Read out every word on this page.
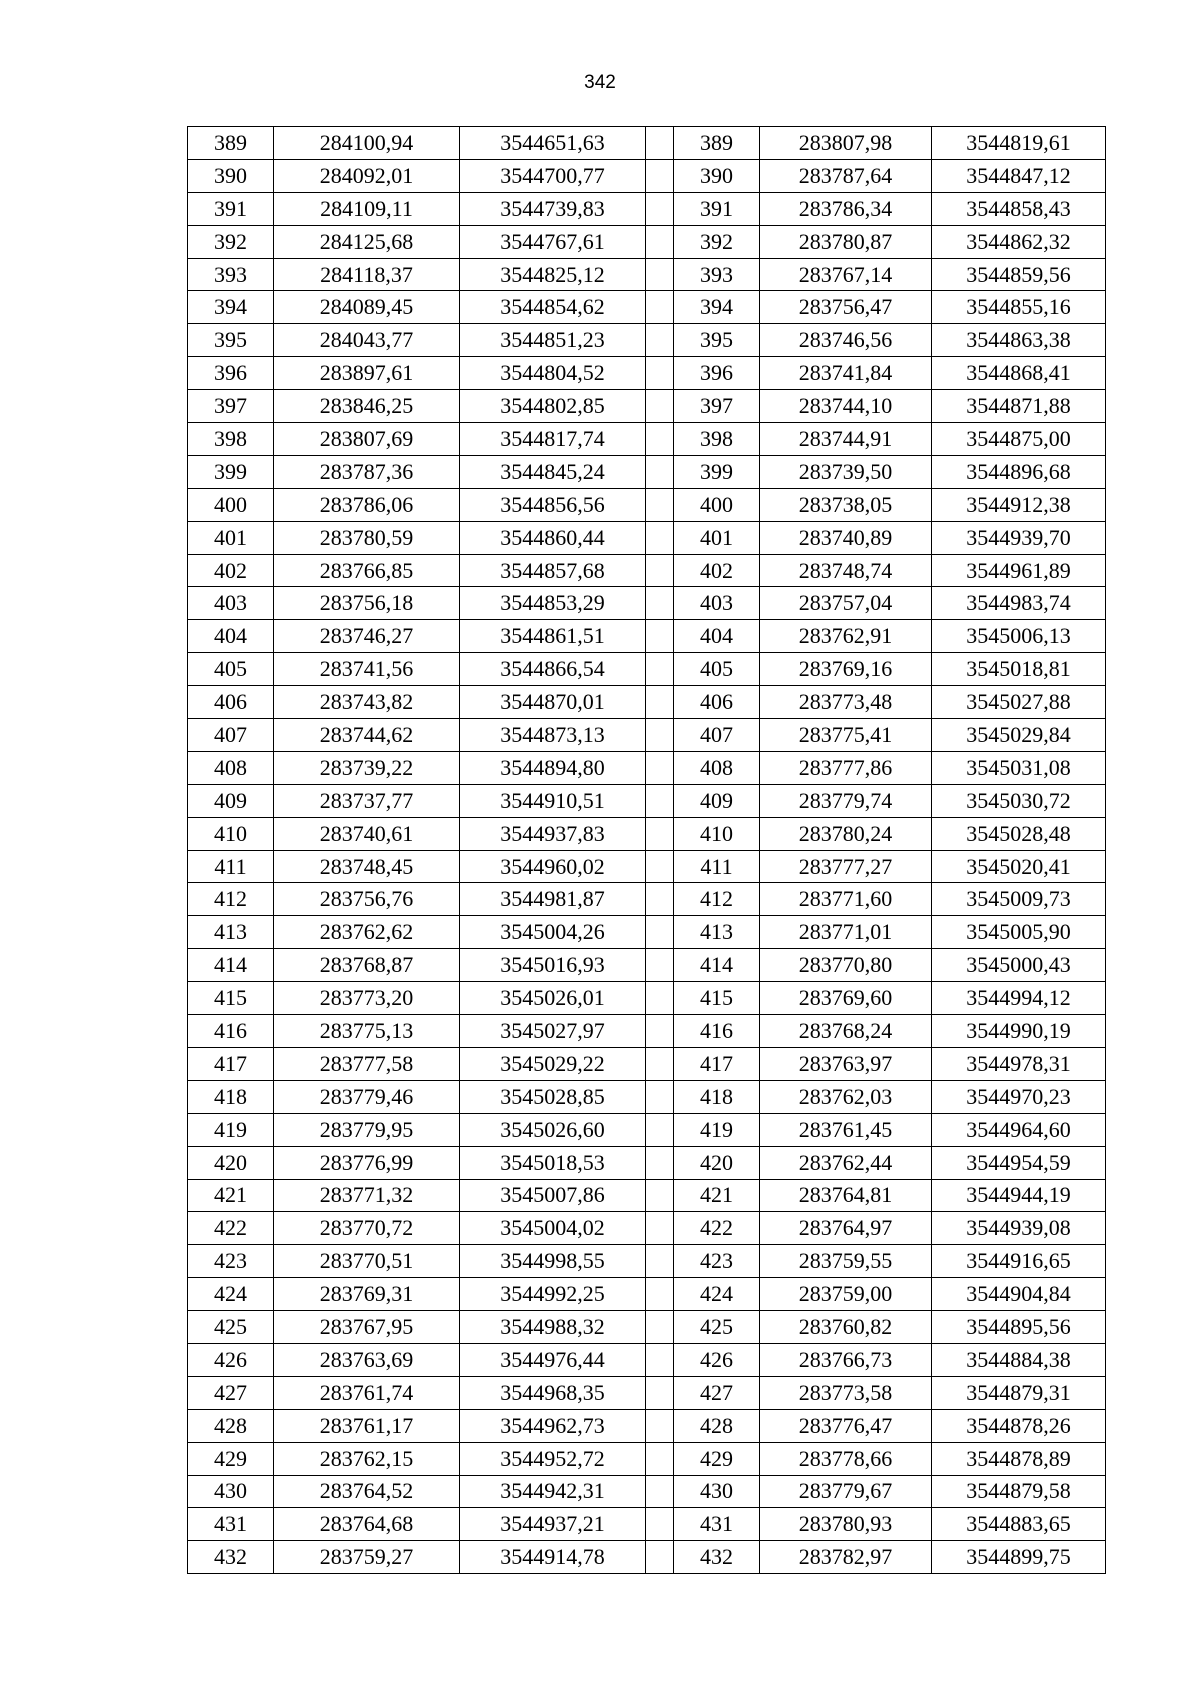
342
389	284100,94	3544651,63		389	283807,98	3544819,61
390	284092,01	3544700,77		390	283787,64	3544847,12
391	284109,11	3544739,83		391	283786,34	3544858,43
392	284125,68	3544767,61		392	283780,87	3544862,32
393	284118,37	3544825,12		393	283767,14	3544859,56
394	284089,45	3544854,62		394	283756,47	3544855,16
395	284043,77	3544851,23		395	283746,56	3544863,38
396	283897,61	3544804,52		396	283741,84	3544868,41
397	283846,25	3544802,85		397	283744,10	3544871,88
398	283807,69	3544817,74		398	283744,91	3544875,00
399	283787,36	3544845,24		399	283739,50	3544896,68
400	283786,06	3544856,56		400	283738,05	3544912,38
401	283780,59	3544860,44		401	283740,89	3544939,70
402	283766,85	3544857,68		402	283748,74	3544961,89
403	283756,18	3544853,29		403	283757,04	3544983,74
404	283746,27	3544861,51		404	283762,91	3545006,13
405	283741,56	3544866,54		405	283769,16	3545018,81
406	283743,82	3544870,01		406	283773,48	3545027,88
407	283744,62	3544873,13		407	283775,41	3545029,84
408	283739,22	3544894,80		408	283777,86	3545031,08
409	283737,77	3544910,51		409	283779,74	3545030,72
410	283740,61	3544937,83		410	283780,24	3545028,48
411	283748,45	3544960,02		411	283777,27	3545020,41
412	283756,76	3544981,87		412	283771,60	3545009,73
413	283762,62	3545004,26		413	283771,01	3545005,90
414	283768,87	3545016,93		414	283770,80	3545000,43
415	283773,20	3545026,01		415	283769,60	3544994,12
416	283775,13	3545027,97		416	283768,24	3544990,19
417	283777,58	3545029,22		417	283763,97	3544978,31
418	283779,46	3545028,85		418	283762,03	3544970,23
419	283779,95	3545026,60		419	283761,45	3544964,60
420	283776,99	3545018,53		420	283762,44	3544954,59
421	283771,32	3545007,86		421	283764,81	3544944,19
422	283770,72	3545004,02		422	283764,97	3544939,08
423	283770,51	3544998,55		423	283759,55	3544916,65
424	283769,31	3544992,25		424	283759,00	3544904,84
425	283767,95	3544988,32		425	283760,82	3544895,56
426	283763,69	3544976,44		426	283766,73	3544884,38
427	283761,74	3544968,35		427	283773,58	3544879,31
428	283761,17	3544962,73		428	283776,47	3544878,26
429	283762,15	3544952,72		429	283778,66	3544878,89
430	283764,52	3544942,31		430	283779,67	3544879,58
431	283764,68	3544937,21		431	283780,93	3544883,65
432	283759,27	3544914,78		432	283782,97	3544899,75
